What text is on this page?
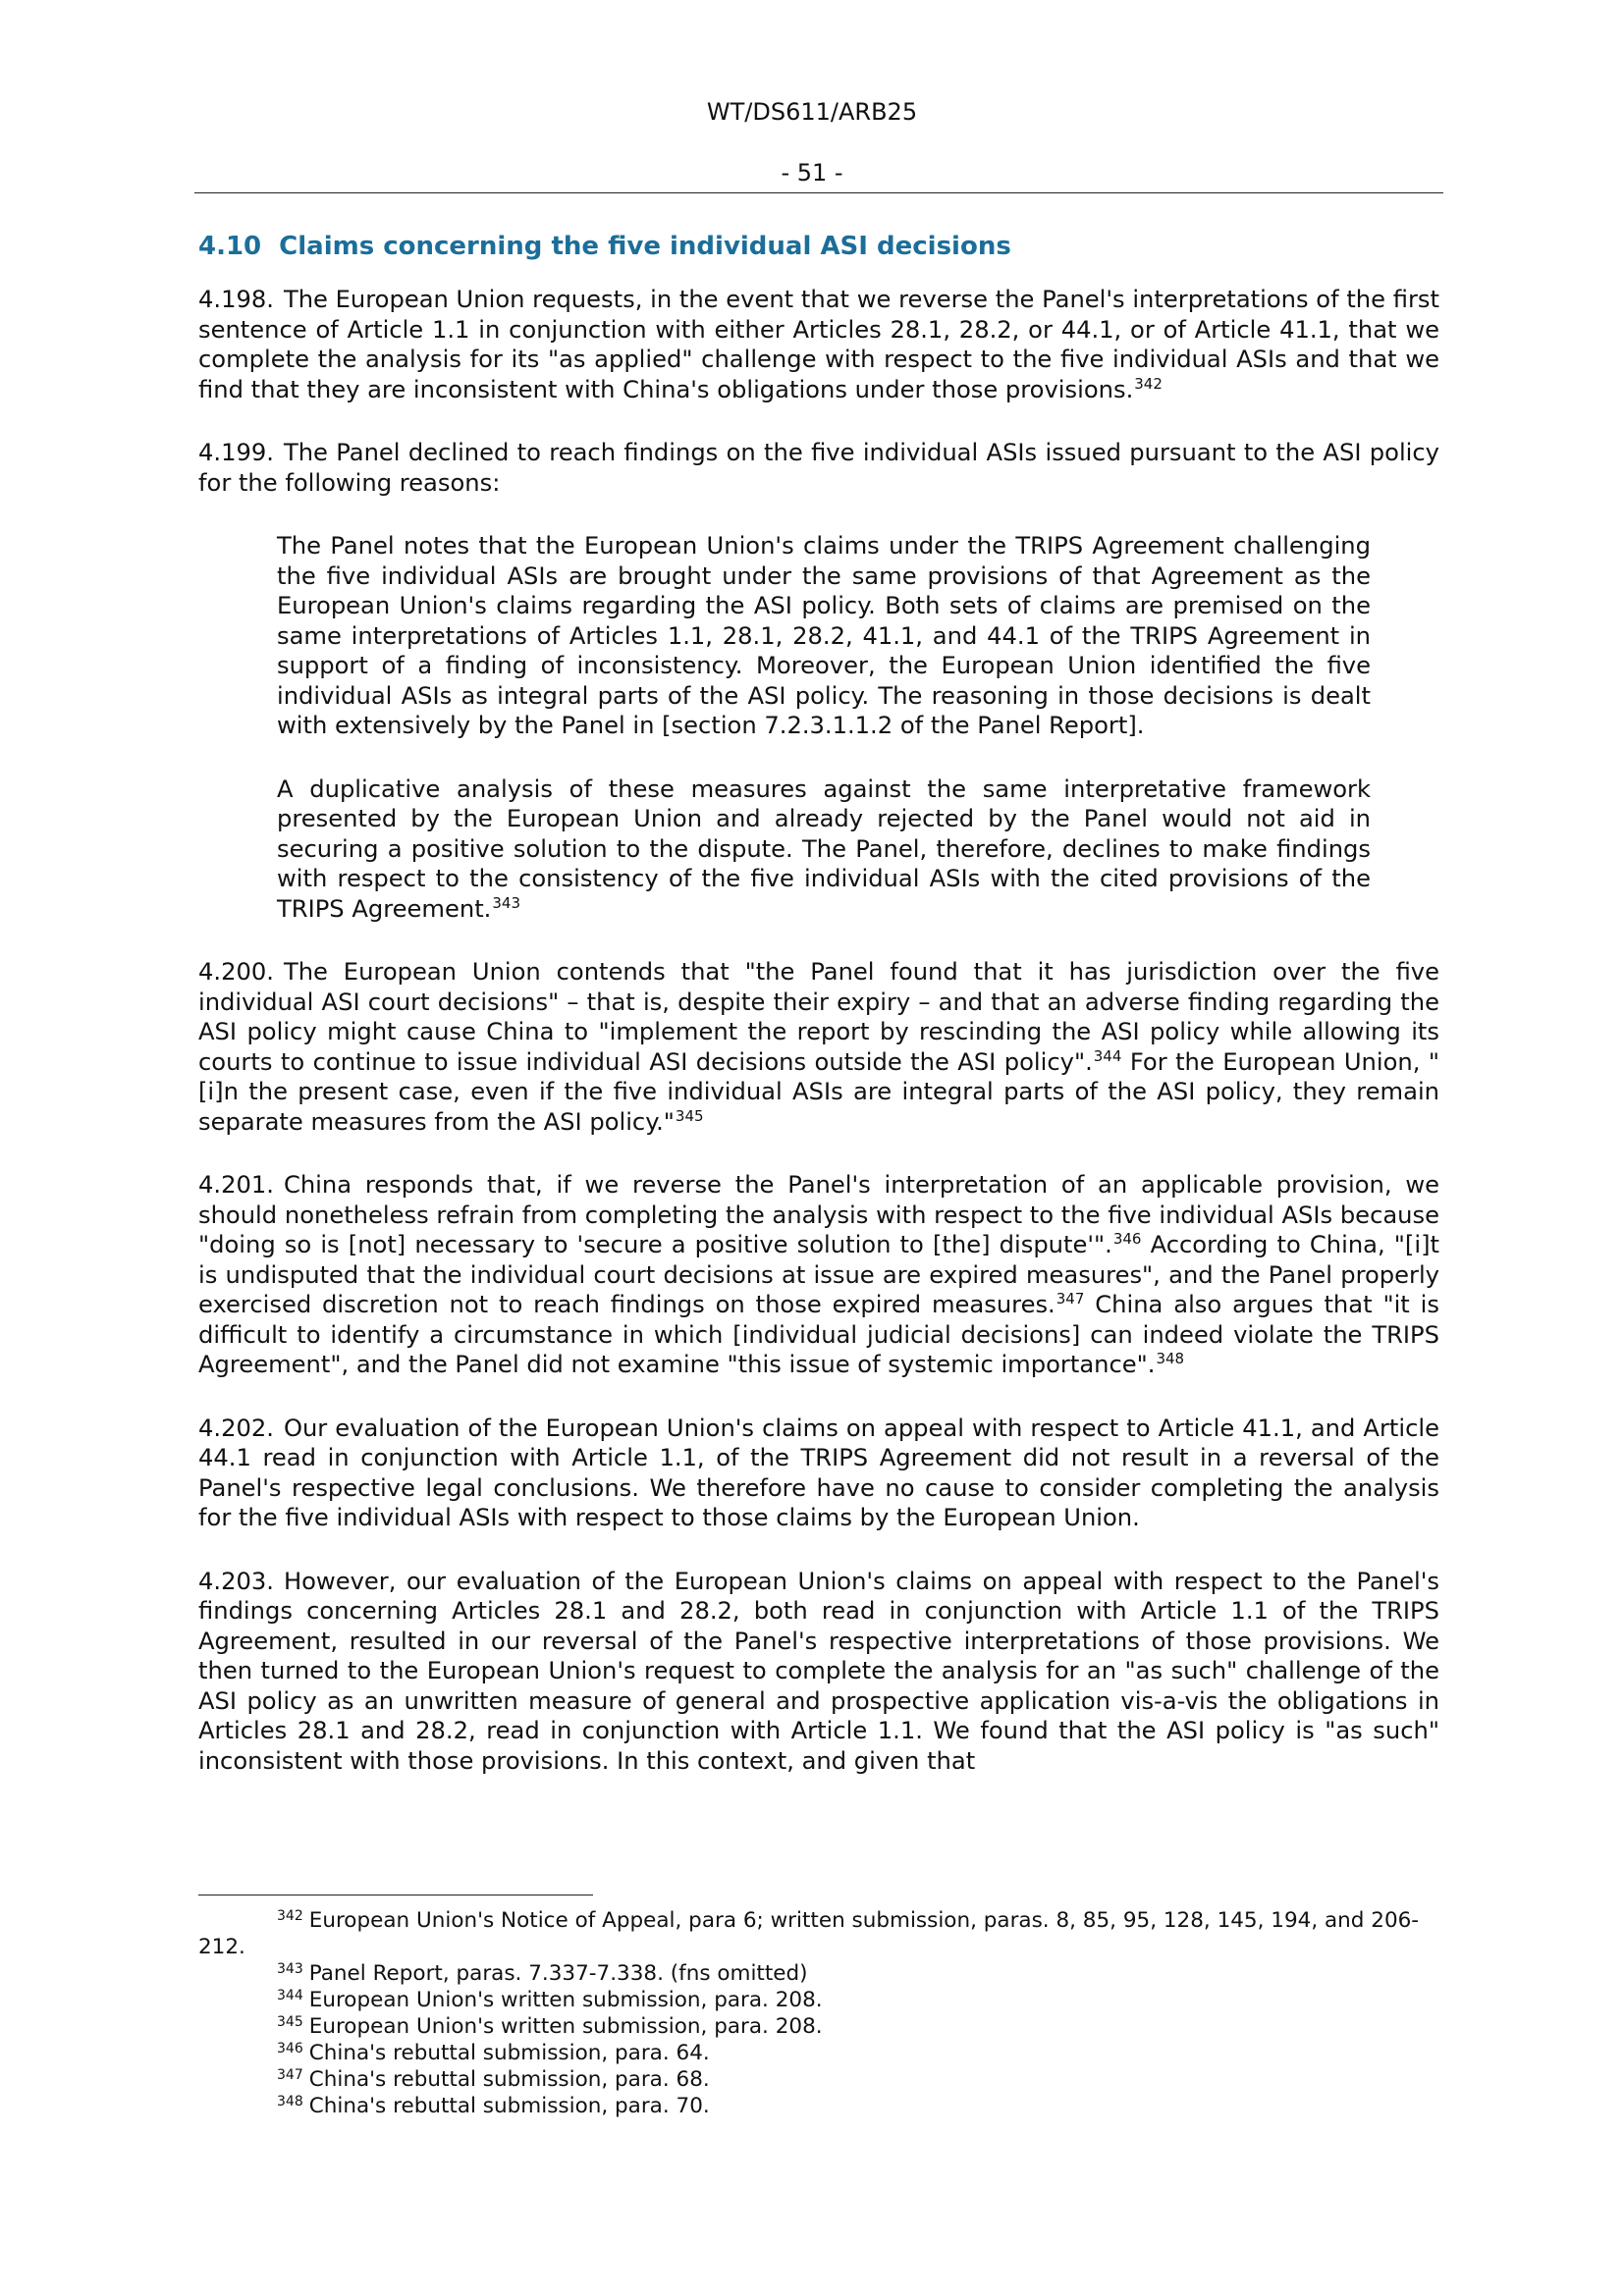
WT/DS611/ARB25
- 51 -
4.10 Claims concerning the five individual ASI decisions

4.198. The European Union requests, in the event that we reverse the Panel's interpretations of the first sentence of Article 1.1 in conjunction with either Articles 28.1, 28.2, or 44.1, or of Article 41.1, that we complete the analysis for its "as applied" challenge with respect to the five individual ASIs and that we find that they are inconsistent with China's obligations under those provisions.$^{342}$

4.199. The Panel declined to reach findings on the five individual ASIs issued pursuant to the ASI policy for the following reasons:

The Panel notes that the European Union's claims under the TRIPS Agreement challenging the five individual ASIs are brought under the same provisions of that Agreement as the European Union's claims regarding the ASI policy. Both sets of claims are premised on the same interpretations of Articles 1.1, 28.1, 28.2, 41.1, and 44.1 of the TRIPS Agreement in support of a finding of inconsistency. Moreover, the European Union identified the five individual ASIs as integral parts of the ASI policy. The reasoning in those decisions is dealt with extensively by the Panel in [section 7.2.3.1.1.2 of the Panel Report].

A duplicative analysis of these measures against the same interpretative framework presented by the European Union and already rejected by the Panel would not aid in securing a positive solution to the dispute. The Panel, therefore, declines to make findings with respect to the consistency of the five individual ASIs with the cited provisions of the TRIPS Agreement.$^{343}$

4.200. The European Union contends that "the Panel found that it has jurisdiction over the five individual ASI court decisions" – that is, despite their expiry – and that an adverse finding regarding the ASI policy might cause China to "implement the report by rescinding the ASI policy while allowing its courts to continue to issue individual ASI decisions outside the ASI policy".$^{344}$ For the European Union, "[i]n the present case, even if the five individual ASIs are integral parts of the ASI policy, they remain separate measures from the ASI policy."$^{345}$

4.201. China responds that, if we reverse the Panel's interpretation of an applicable provision, we should nonetheless refrain from completing the analysis with respect to the five individual ASIs because "doing so is [not] necessary to 'secure a positive solution to [the] dispute'".$^{346}$ According to China, "[i]t is undisputed that the individual court decisions at issue are expired measures", and the Panel properly exercised discretion not to reach findings on those expired measures.$^{347}$ China also argues that "it is difficult to identify a circumstance in which [individual judicial decisions] can indeed violate the TRIPS Agreement", and the Panel did not examine "this issue of systemic importance".$^{348}$

4.202. Our evaluation of the European Union's claims on appeal with respect to Article 41.1, and Article 44.1 read in conjunction with Article 1.1, of the TRIPS Agreement did not result in a reversal of the Panel's respective legal conclusions. We therefore have no cause to consider completing the analysis for the five individual ASIs with respect to those claims by the European Union.

4.203. However, our evaluation of the European Union's claims on appeal with respect to the Panel's findings concerning Articles 28.1 and 28.2, both read in conjunction with Article 1.1 of the TRIPS Agreement, resulted in our reversal of the Panel's respective interpretations of those provisions. We then turned to the European Union's request to complete the analysis for an "as such" challenge of the ASI policy as an unwritten measure of general and prospective application vis-a-vis the obligations in Articles 28.1 and 28.2, read in conjunction with Article 1.1. We found that the ASI policy is "as such" inconsistent with those provisions. In this context, and given that

$^{342}$ European Union's Notice of Appeal, para 6; written submission, paras. 8, 85, 95, 128, 145, 194, and 206-212.

$^{343}$ Panel Report, paras. 7.337-7.338. (fns omitted)

$^{344}$ European Union's written submission, para. 208.

$^{345}$ European Union's written submission, para. 208.

$^{346}$ China's rebuttal submission, para. 64.

$^{347}$ China's rebuttal submission, para. 68.

$^{348}$ China's rebuttal submission, para. 70.
